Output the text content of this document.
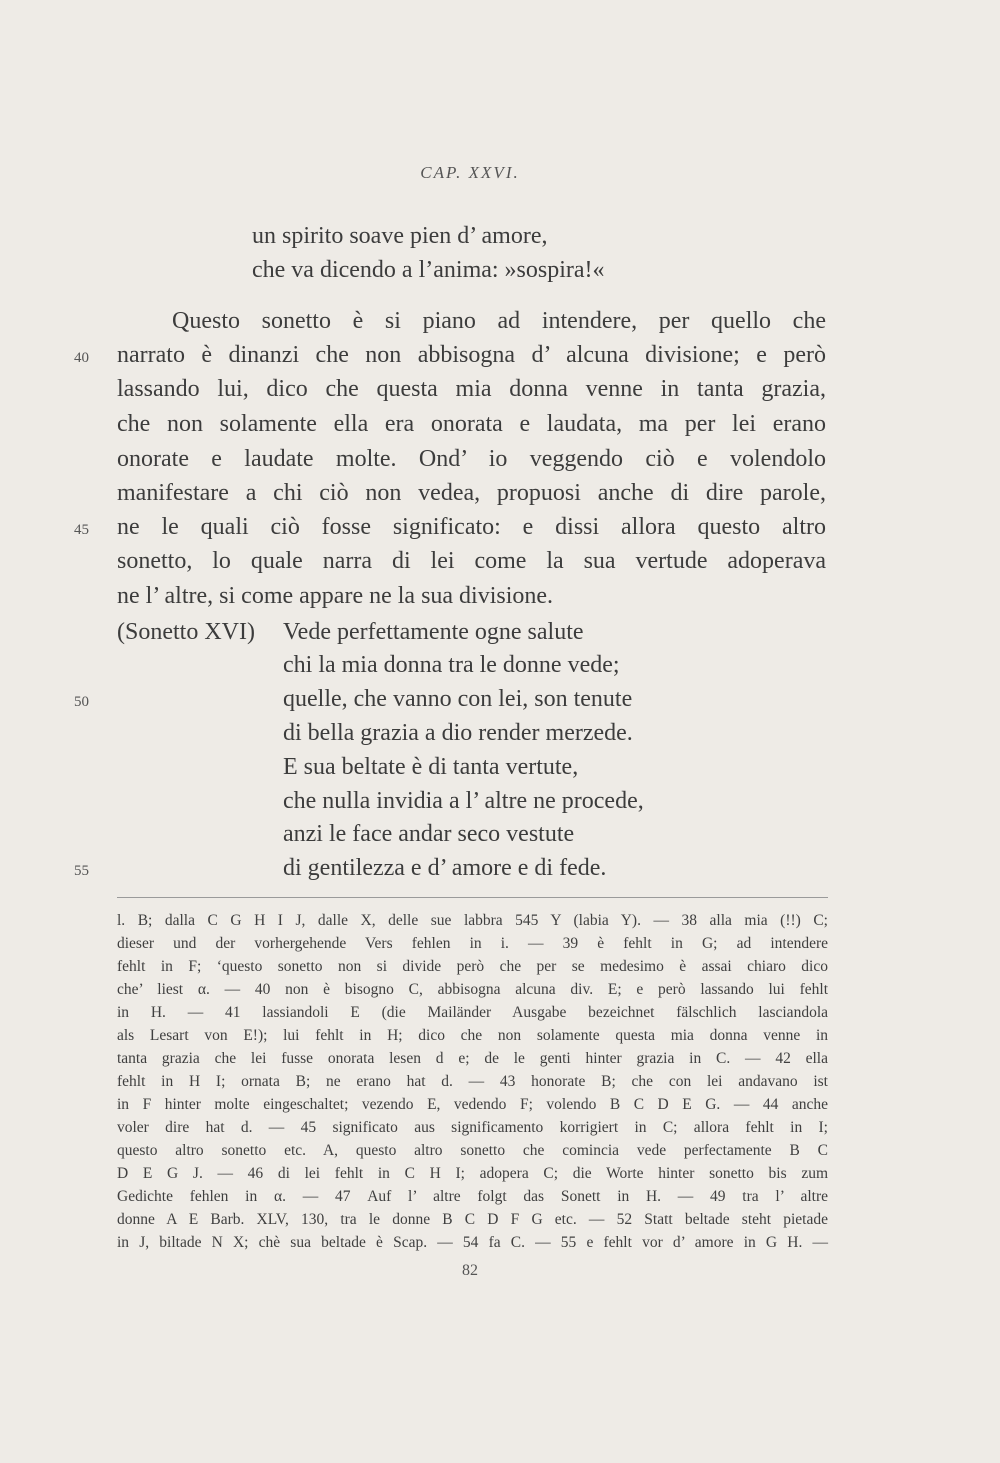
CAP. XXVI.
un spirito soave pien d’ amore,
che va dicendo a l’anima: »sospira!«
Questo sonetto è si piano ad intendere, per quello che
narrato è dinanzi che non abbisogna d’ alcuna divisione; e però
lassando lui, dico che questa mia donna venne in tanta grazia,
che non solamente ella era onorata e laudata, ma per lei erano
onorate e laudate molte. Ond’ io veggendo ciò e volendolo
manifestare a chi ciò non vedea, propuosi anche di dire parole,
ne le quali ciò fosse significato: e dissi allora questo altro
sonetto, lo quale narra di lei come la sua vertude adoperava
ne l’ altre, si come appare ne la sua divisione.
(Sonetto XVI) Vede perfettamente ogne salute
chi la mia donna tra le donne vede;
quelle, che vanno con lei, son tenute
di bella grazia a dio render merzede.
E sua beltate è di tanta vertute,
che nulla invidia a l’ altre ne procede,
anzi le face andar seco vestute
di gentilezza e d’ amore e di fede.
40
45
50
55
l. B; dalla C G H I J, dalle X, delle sue labbra 545 Y (labia Y). — 38 alla mia (!!) C;
dieser und der vorhergehende Vers fehlen in i. — 39 è fehlt in G; ad intendere
fehlt in F; ‘questo sonetto non si divide però che per se medesimo è assai chiaro dico
che’ liest α. — 40 non è bisogno C, abbisogna alcuna div. E; e però lassando lui fehlt
in H. — 41 lassiandoli E (die Mailänder Ausgabe bezeichnet fälschlich lasciandola
als Lesart von E!); lui fehlt in H; dico che non solamente questa mia donna venne in
tanta grazia che lei fusse onorata lesen d e; de le genti hinter grazia in C. — 42 ella
fehlt in H I; ornata B; ne erano hat d. — 43 honorate B; che con lei andavano ist
in F hinter molte eingeschaltet; vezendo E, vedendo F; volendo B C D E G. — 44 anche
voler dire hat d. — 45 significato aus significamento korrigiert in C; allora fehlt in I;
questo altro sonetto etc. A, questo altro sonetto che comincia vede perfectamente B C
D E G J. — 46 di lei fehlt in C H I; adopera C; die Worte hinter sonetto bis zum
Gedichte fehlen in α. — 47 Auf l’ altre folgt das Sonett in H. — 49 tra l’ altre
donne A E Barb. XLV, 130, tra le donne B C D F G etc. — 52 Statt beltade steht pietade
in J, biltade N X; chè sua beltade è Scap. — 54 fa C. — 55 e fehlt vor d’ amore in G H. —
82
